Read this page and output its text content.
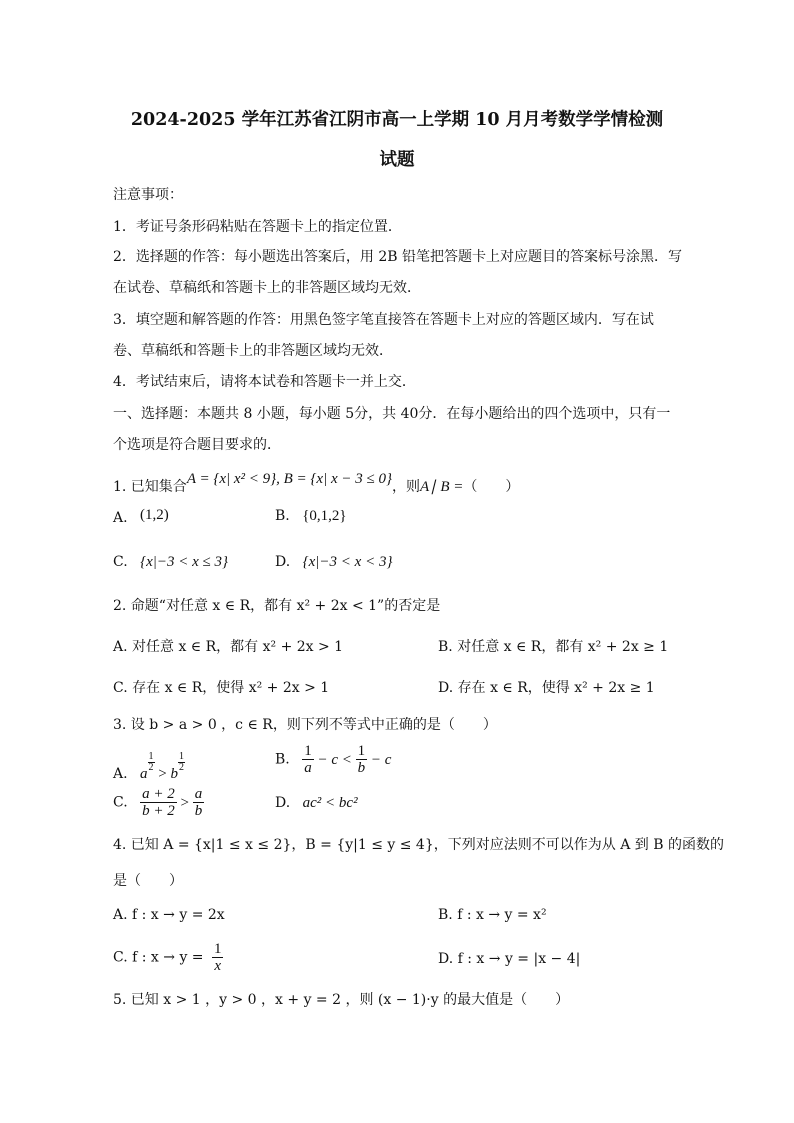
2024-2025 学年江苏省江阴市高一上学期 10 月月考数学学情检测
试题
注意事项：
1．考证号条形码粘贴在答题卡上的指定位置．
2．选择题的作答：每小题选出答案后，用 2B 铅笔把答题卡上对应题目的答案标号涂黑．写
在试卷、草稿纸和答题卡上的非答题区域均无效．
3．填空题和解答题的作答：用黑色签字笔直接答在答题卡上对应的答题区域内．写在试
卷、草稿纸和答题卡上的非答题区域均无效．
4．考试结束后，请将本试卷和答题卡一并上交．
一、选择题：本题共 8 小题，每小题 5分，共 40分．在每小题给出的四个选项中，只有一
个选项是符合题目要求的．
1. 已知集合A = {x| x² < 9}, B = {x| x − 3 ≤ 0}，则A∣ B =（　　）
A. (1,2)	B. {0,1,2}
C. {x|−3 < x ≤ 3}	D. {x|−3 < x < 3}
2. 命题“对任意 x ∈ R，都有 x² + 2x < 1”的否定是
A. 对任意 x ∈ R，都有 x² + 2x > 1	B. 对任意 x ∈ R，都有 x² + 2x ≥ 1
C. 存在 x ∈ R，使得 x² + 2x > 1	D. 存在 x ∈ R，使得 x² + 2x ≥ 1
3. 设 b > a > 0 ，c ∈ R，则下列不等式中正确的是（　　）
A. a
$\frac{1}{2}$
> b
$\frac{1}{2}$	B. $\frac{1}{a} - c < \frac{1}{b} - c$
C. $\frac{a + 2}{b + 2} > \frac{a}{b}$	D. ac² < bc²
4. 已知 A = {x|1 ≤ x ≤ 2}，B = {y|1 ≤ y ≤ 4}，下列对应法则不可以作为从 A 到 B 的函数的
是（　　）
A. f : x → y = 2x	B. f : x → y = x²
C. f : $x \to y = \frac{1}{x}$	D. f : x → y = |x − 4|
5. 已知 x > 1 ，y > 0 ，x + y = 2 ，则 (x − 1)·y 的最大值是（　　）
